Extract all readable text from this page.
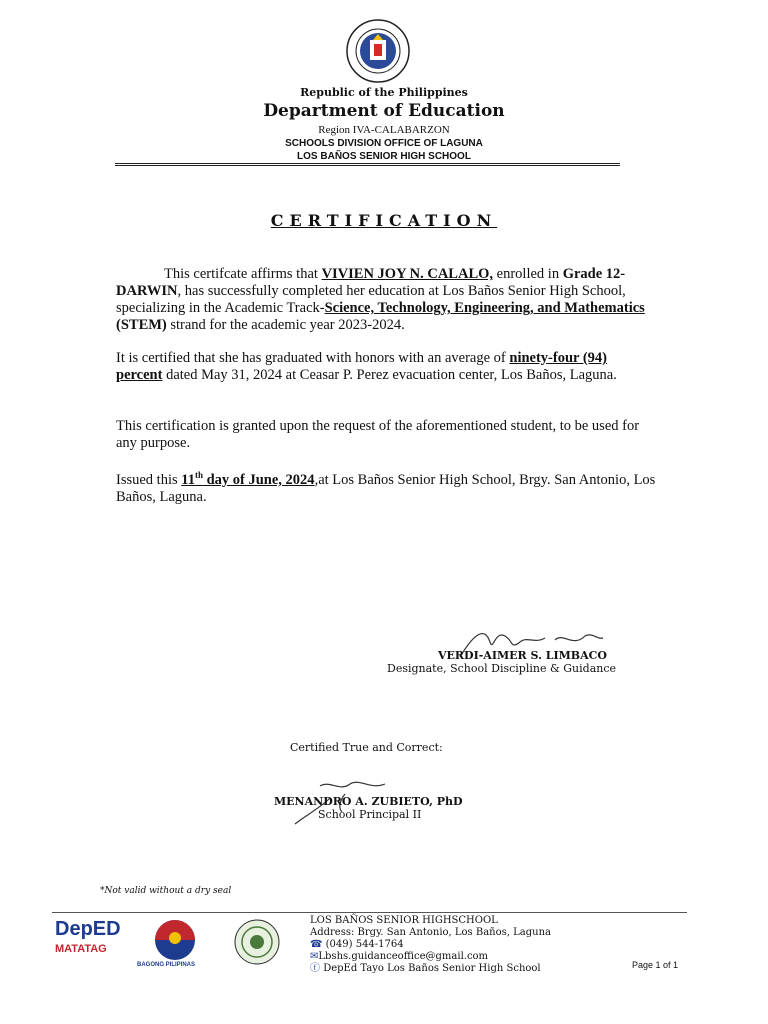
Republic of the Philippines
Department of Education
Region IVA-CALABARZON
SCHOOLS DIVISION OFFICE OF LAGUNA
LOS BAÑOS SENIOR HIGH SCHOOL
CERTIFICATION
This certifcate affirms that VIVIEN JOY N. CALALO, enrolled in Grade 12- DARWIN, has successfully completed her education at Los Baños Senior High School, specializing in the Academic Track-Science, Technology, Engineering, and Mathematics (STEM) strand for the academic year 2023-2024.
It is certified that she has graduated with honors with an average of ninety-four (94) percent dated May 31, 2024 at Ceasar P. Perez evacuation center, Los Baños, Laguna.
This certification is granted upon the request of the aforementioned student, to be used for any purpose.
Issued this 11th day of June, 2024,at Los Baños Senior High School, Brgy. San Antonio, Los Baños, Laguna.
VERDI-AIMER S. LIMBACO
Designate, School Discipline & Guidance
Certified True and Correct:
MENANDRO A. ZUBIETO, PhD
School Principal II
*Not valid without a dry seal
DepED
MATATAG
BAGONG PILIPINAS
LOS BAÑOS SENIOR HIGHSCHOOL
Address: Brgy. San Antonio, Los Baños, Laguna
☎ (049) 544-1764
✉Lbshs.guidanceoffice@gmail.com
ⓕ DepEd Tayo Los Baños Senior High School	Page 1 of 1
